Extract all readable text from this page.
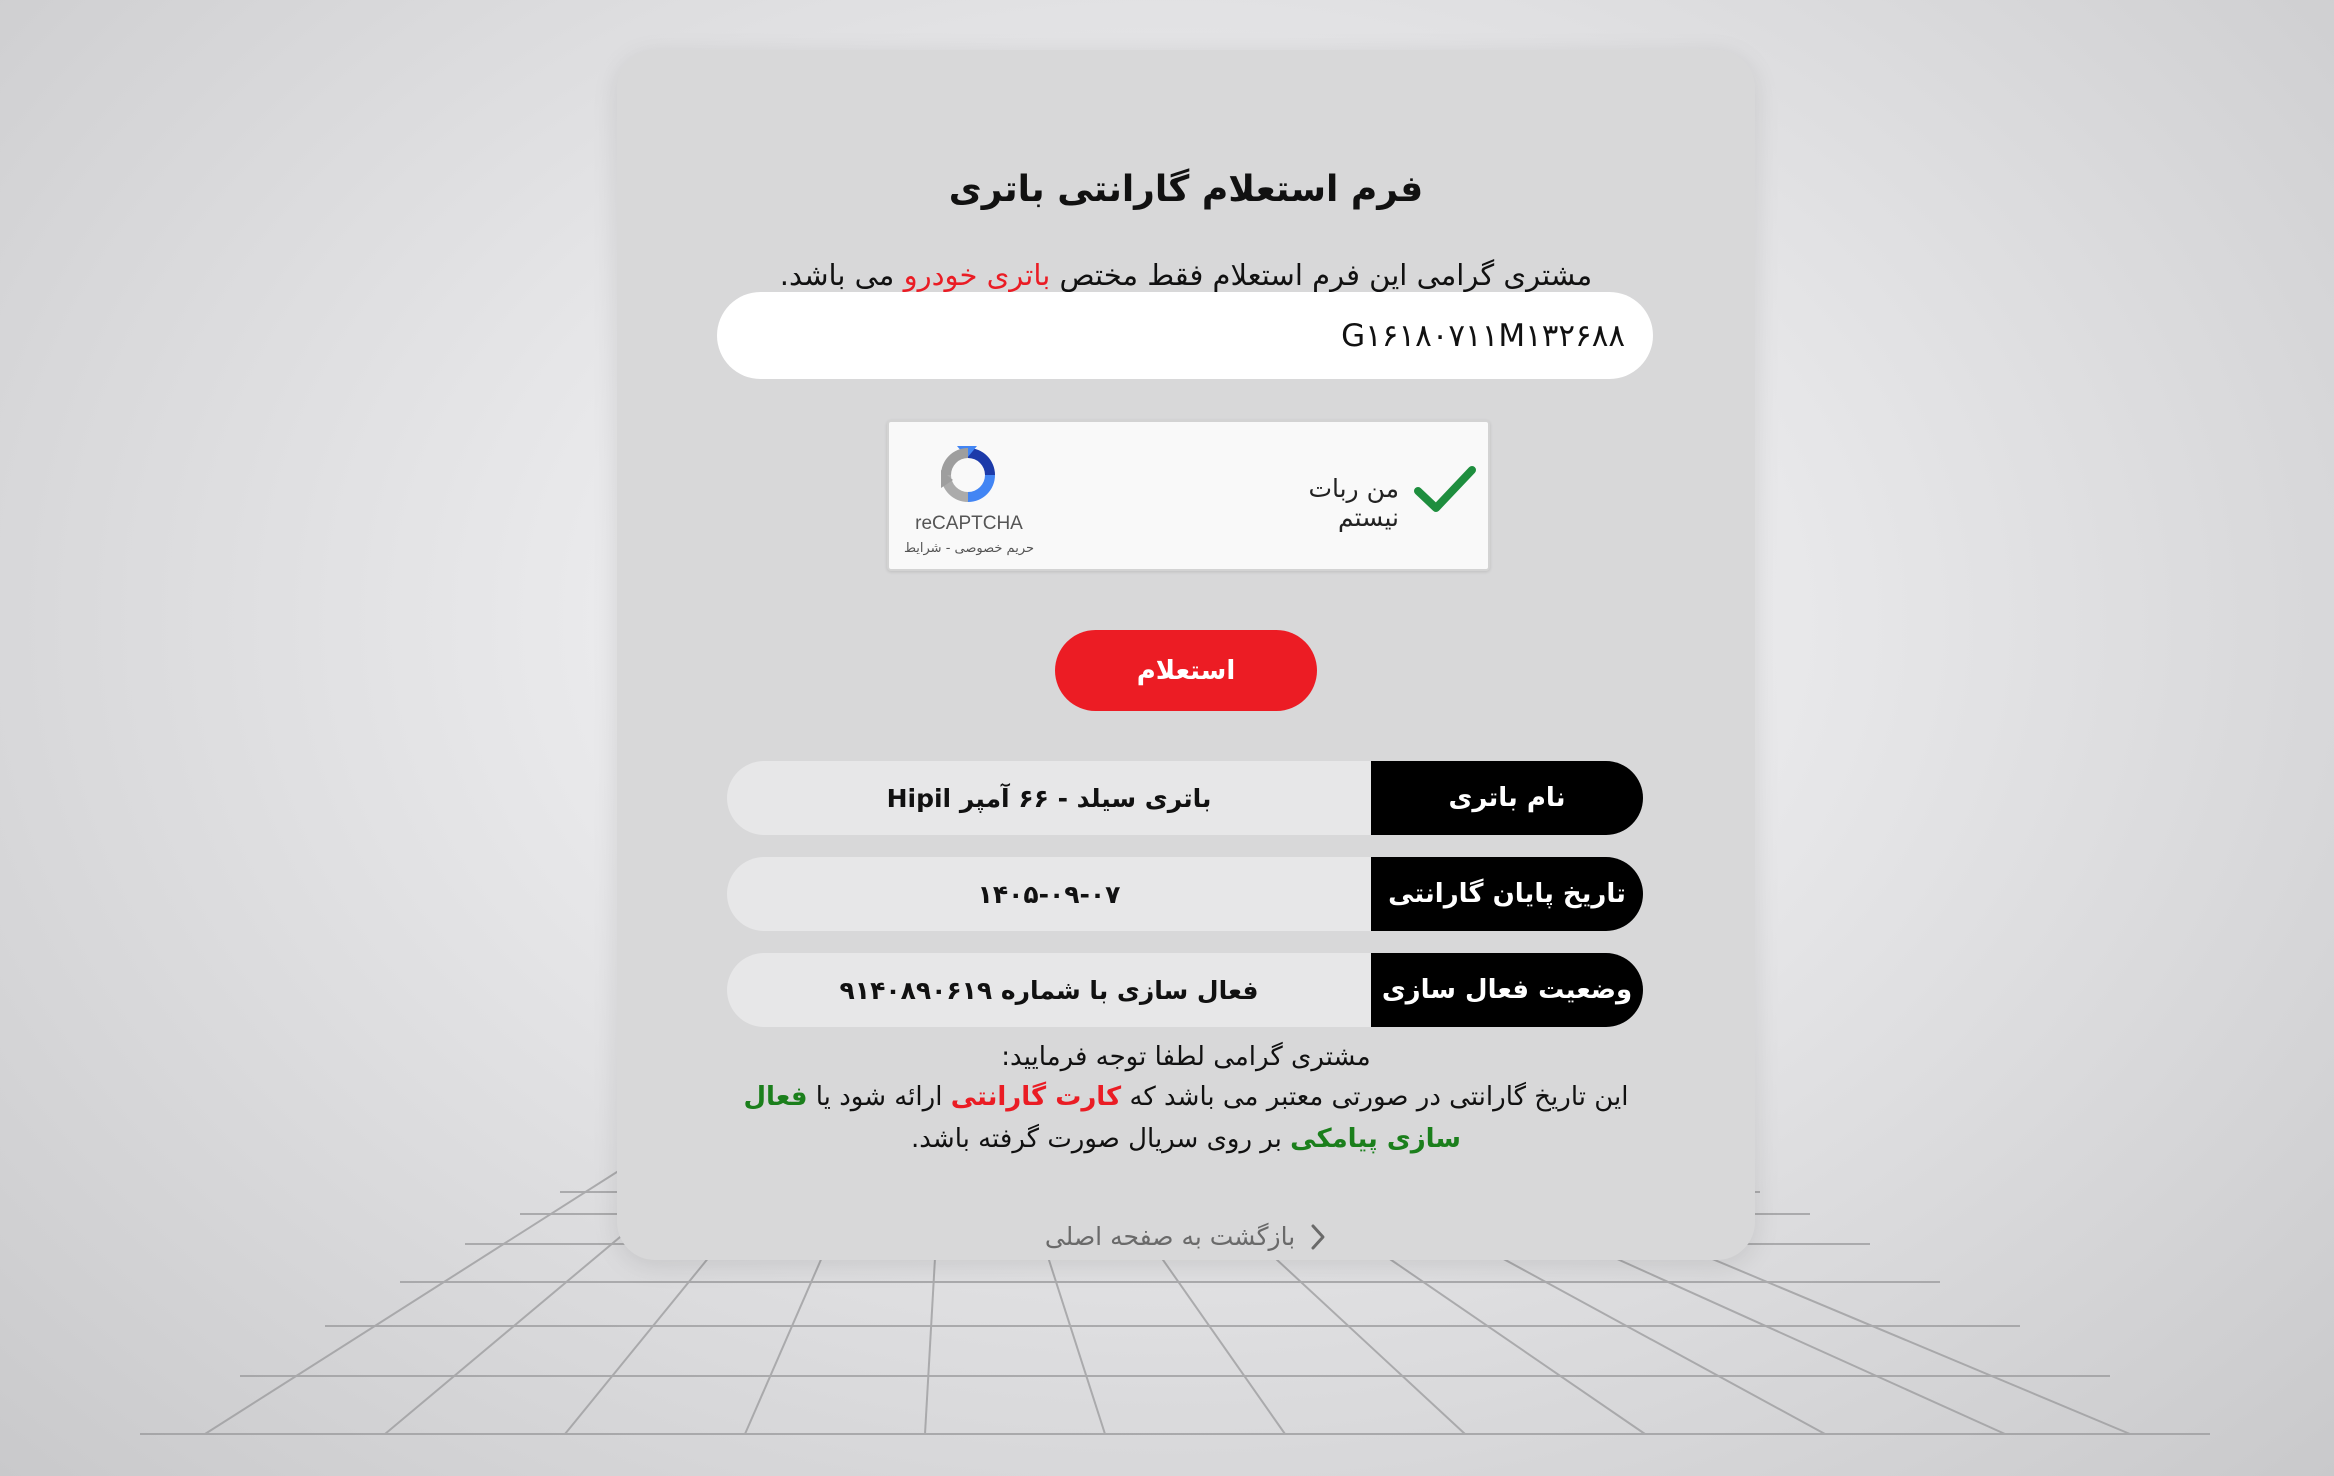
فرم استعلام گارانتی باتری
مشتری گرامی این فرم استعلام فقط مختص باتری خودرو می باشد.
G۱۶۱۸۰۷۱۱M۱۳۲۶۸۸
من ربات نیستم
reCAPTCHA
حریم خصوصی - شرایط
استعلام
نام باتری
باتری سیلد - ۶۶ آمپر Hipil
تاریخ پایان گارانتی
۱۴۰۵-۰۹-۰۷
وضعیت فعال سازی
فعال سازی با شماره ۹۱۴۰۸۹۰۶۱۹
مشتری گرامی لطفا توجه فرمایید:
این تاریخ گارانتی در صورتی معتبر می باشد که کارت گارانتی ارائه شود یا فعال سازی پیامکی بر روی سریال صورت گرفته باشد.
بازگشت به صفحه اصلی
